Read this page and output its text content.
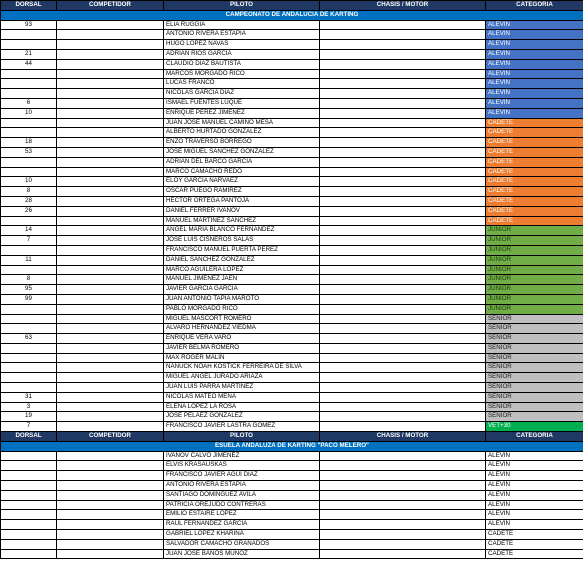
DORSAL	COMPETIDOR	PILOTO	CHASIS / MOTOR	CATEGORIA
CAMPEONATO DE ANDALUCIA DE KARTING				
93		ELIA RUGGIA		ALEVIN
		ANTONIO RIVERA ESTAPIA		ALEVIN
		HUGO LOPEZ NAVAS		ALEVIN
21		ADRIAN RIOS GARCIA		ALEVIN
44		CLAUDIO DIAZ BAUTISTA		ALEVIN
		MARCOS MORGADO RICO		ALEVIN
		LUCAS FRANCO		ALEVIN
		NICOLAS GARCIA DIAZ		ALEVIN
6		ISMAEL FUENTES LUQUE		ALEVIN
10		ENRIQUE PEREZ JIMENEZ		ALEVIN
		JUAN JOSE MANUEL CAMINO MESA		CADETE
		ALBERTO HURTADO GONZALEZ		CADETE
18		ENZO TRAVERSO BORREGO		CADETE
53		JOSE MIGUEL SANCHEZ GONZALEZ		CADETE
		ADRIAN DEL BARCO GARCIA		CADETE
		MARCO CAMACHO REDO		CADETE
10		ELOY GARCIA NARVAEZ		CADETE
8		OSCAR PUEGO RAMIREZ		CADETE
28		HECTOR ORTEGA PANTOJA		CADETE
26		DANIEL FERRER IVANOV		CADETE
		MANUEL MARTINEZ SANCHEZ		CADETE
14		ANGEL MARIA BLANCO FERNANDEZ		JUNIOR
7		JOSE LUIS CISNEROS SALAS		JUNIOR
		FRANCISCO MANUEL PUERTA PEREZ		JUNIOR
11		DANIEL SANCHEZ GONZALEZ		JUNIOR
		MARCO AGUILERA LOPEZ		JUNIOR
8		MANUEL JIMENEZ JAEN		JUNIOR
95		JAVIER GARCIA GARCIA		JUNIOR
99		JUAN ANTONIO TAPIA MAROTO		JUNIOR
		PABLO MORGADO RICO		JUNIOR
		MIGUEL MASCORT ROMERO		SENIOR
		ALVARO HERNANDEZ VIEDMA		SENIOR
63		ENRIQUE VERA VARO		SENIOR
		JAVIER BELMA ROMERO		SENIOR
		MAX ROGER MALIN		SENIOR
		NANUCK NOAH KOSTICK FERREIRA DE SILVA		SENIOR
		MIGUEL ANGEL JURADO ARIAZA		SENIOR
		JUAN LUIS PARRA MARTINEZ		SENIOR
31		NICOLAS MATEO MENA		SENIOR
3		ELENA LOPEZ LA ROSA		SENIOR
19		JOSE PELAEZ GONZALEZ		SENIOR
7		FRANCISCO JAVIER LASTRA GOMEZ		VET+30
DORSAL	COMPETIDOR	PILOTO	CHASIS / MOTOR	CATEGORIA
ESUELA ANDALUZA DE KARTING "PACO MELERO"				
		IVANOV CALVO JIMENEZ		ALEVIN
		ELVIS KRASAUSKAS		ALEVIN
		FRANCISCO JAVIER AGÜI DIAZ		ALEVIN
		ANTONIO RIVERA ESTAPIA		ALEVIN
		SANTIAGO DOMINGUEZ AVILA		ALEVIN
		PATRICIA OREJUDO CONTRERAS		ALEVIN
		EMILIO ESTAIRE LOPEZ		ALEVIN
		RAUL FERNANDEZ GARCIA		ALEVIN
		GABRIEL LOPEZ KHARINA		CADETE
		SALVADOR CAMACHO GRANADOS		CADETE
		JUAN JOSE BAÑOS MUÑOZ		CADETE
